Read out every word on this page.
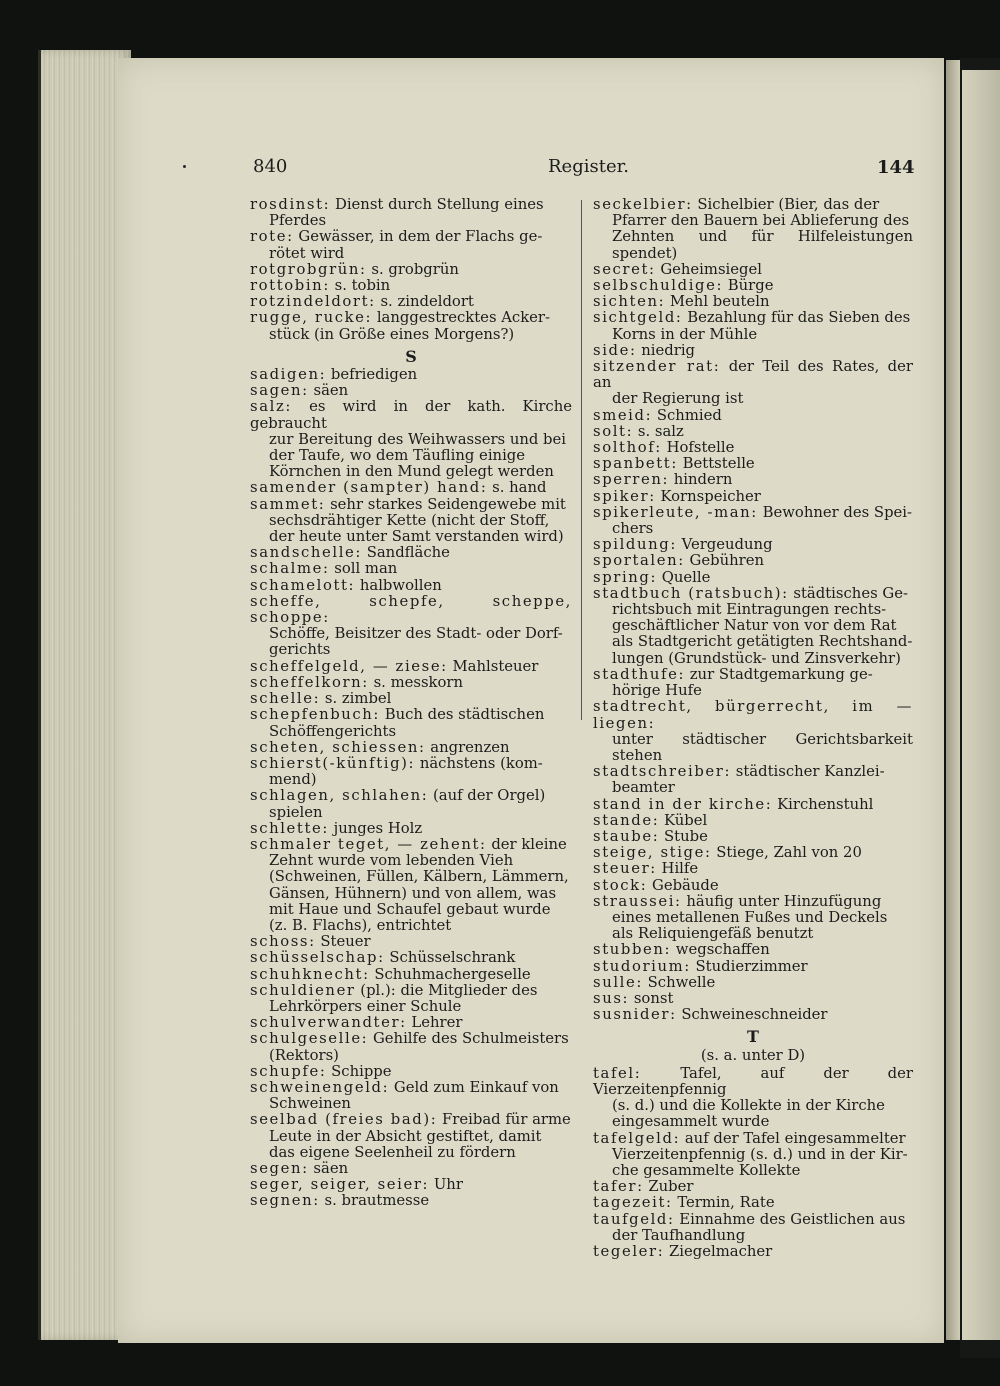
840	Register.	144
rosdinst: Dienst durch Stellung eines
Pferdes
rote: Gewässer, in dem der Flachs ge-
rötet wird
rotgrobgrün: s. grobgrün
rottobin: s. tobin
rotzindeldort: s. zindeldort
rugge, rucke: langgestrecktes Acker-
stück (in Größe eines Morgens?)
S
sadigen: befriedigen
sagen: säen
salz: es wird in der kath. Kirche gebraucht
zur Bereitung des Weihwassers und bei
der Taufe, wo dem Täufling einige
Körnchen in den Mund gelegt werden
samender (sampter) hand: s. hand
sammet: sehr starkes Seidengewebe mit
sechsdrähtiger Kette (nicht der Stoff,
der heute unter Samt verstanden wird)
sandschelle: Sandfläche
schalme: soll man
schamelott: halbwollen
scheffe, schepfe, scheppe, schoppe:
Schöffe, Beisitzer des Stadt- oder Dorf-
gerichts
scheffelgeld, — ziese: Mahlsteuer
scheffelkorn: s. messkorn
schelle: s. zimbel
schepfenbuch: Buch des städtischen
Schöffengerichts
scheten, schiessen: angrenzen
schierst(-künftig): nächstens (kom-
mend)
schlagen, schlahen: (auf der Orgel)
spielen
schlette: junges Holz
schmaler teget, — zehent: der kleine
Zehnt wurde vom lebenden Vieh
(Schweinen, Füllen, Kälbern, Lämmern,
Gänsen, Hühnern) und von allem, was
mit Haue und Schaufel gebaut wurde
(z. B. Flachs), entrichtet
schoss: Steuer
schüsselschap: Schüsselschrank
schuhknecht: Schuhmachergeselle
schuldiener (pl.): die Mitglieder des
Lehrkörpers einer Schule
schulverwandter: Lehrer
schulgeselle: Gehilfe des Schulmeisters
(Rektors)
schupfe: Schippe
schweinengeld: Geld zum Einkauf von
Schweinen
seelbad (freies bad): Freibad für arme
Leute in der Absicht gestiftet, damit
das eigene Seelenheil zu fördern
segen: säen
seger, seiger, seier: Uhr
segnen: s. brautmesse
seckelbier: Sichelbier (Bier, das der
Pfarrer den Bauern bei Ablieferung des
Zehnten und für Hilfeleistungen spendet)
secret: Geheimsiegel
selbschuldige: Bürge
sichten: Mehl beuteln
sichtgeld: Bezahlung für das Sieben des
Korns in der Mühle
side: niedrig
sitzender rat: der Teil des Rates, der an
der Regierung ist
smeid: Schmied
solt: s. salz
solthof: Hofstelle
spanbett: Bettstelle
sperren: hindern
spiker: Kornspeicher
spikerleute, -man: Bewohner des Spei-
chers
spildung: Vergeudung
sportalen: Gebühren
spring: Quelle
stadtbuch (ratsbuch): städtisches Ge-
richtsbuch mit Eintragungen rechts-
geschäftlicher Natur von vor dem Rat
als Stadtgericht getätigten Rechtshand-
lungen (Grundstück- und Zinsverkehr)
stadthufe: zur Stadtgemarkung ge-
hörige Hufe
stadtrecht, bürgerrecht, im — liegen:
unter städtischer Gerichtsbarkeit stehen
stadtschreiber: städtischer Kanzlei-
beamter
stand in der kirche: Kirchenstuhl
stande: Kübel
staube: Stube
steige, stige: Stiege, Zahl von 20
steuer: Hilfe
stock: Gebäude
straussei: häufig unter Hinzufügung
eines metallenen Fußes und Deckels
als Reliquiengefäß benutzt
stubben: wegschaffen
studorium: Studierzimmer
sulle: Schwelle
sus: sonst
susnider: Schweineschneider
T
(s. a. unter D)
tafel: Tafel, auf der der Vierzeitenpfennig
(s. d.) und die Kollekte in der Kirche
eingesammelt wurde
tafelgeld: auf der Tafel eingesammelter
Vierzeitenpfennig (s. d.) und in der Kir-
che gesammelte Kollekte
tafer: Zuber
tagezeit: Termin, Rate
taufgeld: Einnahme des Geistlichen aus
der Taufhandlung
tegeler: Ziegelmacher
